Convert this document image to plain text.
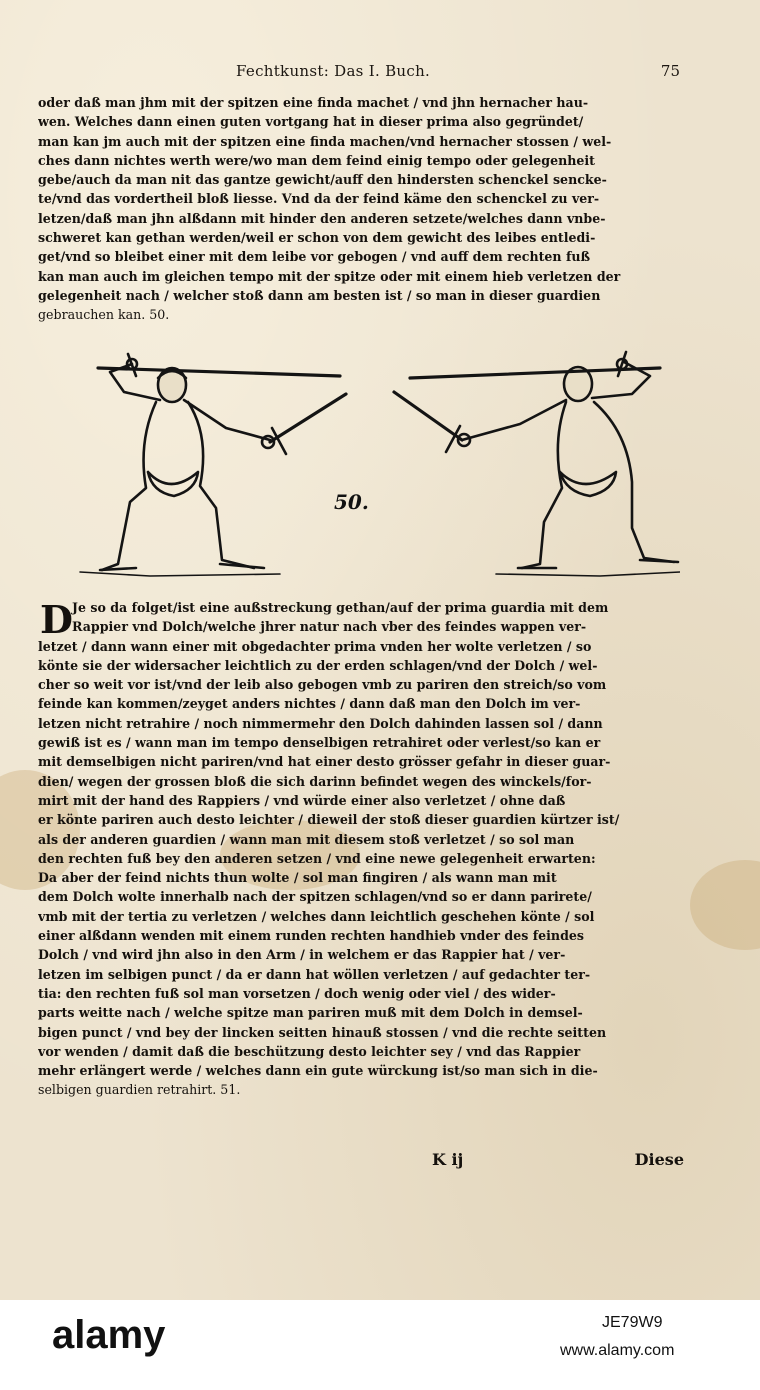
Fechtkunst: Das I. Buch.	75
oder daß man jhm mit der spitzen eine finda machet / vnd jhn hernacher hau-
wen. Welches dann einen guten vortgang hat in dieser prima also gegründet/
man kan jm auch mit der spitzen eine finda machen/vnd hernacher stossen / wel-
ches dann nichtes werth were/wo man dem feind einig tempo oder gelegenheit
gebe/auch da man nit das gantze gewicht/auff den hindersten schenckel sencke-
te/vnd das vordertheil bloß liesse. Vnd da der feind käme den schenckel zu ver-
letzen/daß man jhn alßdann mit hinder den anderen setzete/welches dann vnbe-
schweret kan gethan werden/weil er schon von dem gewicht des leibes entledi-
get/vnd so bleibet einer mit dem leibe vor gebogen / vnd auff dem rechten fuß
kan man auch im gleichen tempo mit der spitze oder mit einem hieb verletzen der
gelegenheit nach / welcher stoß dann am besten ist / so man in dieser guardien
gebrauchen kan. 50.
50.
D Je so da folget/ist eine außstreckung gethan/auf der prima guardia mit dem
Rappier vnd Dolch/welche jhrer natur nach vber des feindes wappen ver-
letzet / dann wann einer mit obgedachter prima vnden her wolte verletzen / so
könte sie der widersacher leichtlich zu der erden schlagen/vnd der Dolch / wel-
cher so weit vor ist/vnd der leib also gebogen vmb zu pariren den streich/so vom
feinde kan kommen/zeyget anders nichtes / dann daß man den Dolch im ver-
letzen nicht retrahire / noch nimmermehr den Dolch dahinden lassen sol / dann
gewiß ist es / wann man im tempo denselbigen retrahiret oder verlest/so kan er
mit demselbigen nicht pariren/vnd hat einer desto grösser gefahr in dieser guar-
dien/ wegen der grossen bloß die sich darinn befindet wegen des winckels/for-
mirt mit der hand des Rappiers / vnd würde einer also verletzet / ohne daß
er könte pariren auch desto leichter / dieweil der stoß dieser guardien kürtzer ist/
als der anderen guardien / wann man mit diesem stoß verletzet / so sol man
den rechten fuß bey den anderen setzen / vnd eine newe gelegenheit erwarten:
Da aber der feind nichts thun wolte / sol man fingiren / als wann man mit
dem Dolch wolte innerhalb nach der spitzen schlagen/vnd so er dann parirete/
vmb mit der tertia zu verletzen / welches dann leichtlich geschehen könte / sol
einer alßdann wenden mit einem runden rechten handhieb vnder des feindes
Dolch / vnd wird jhn also in den Arm / in welchem er das Rappier hat / ver-
letzen im selbigen punct / da er dann hat wöllen verletzen / auf gedachter ter-
tia: den rechten fuß sol man vorsetzen / doch wenig oder viel / des wider-
parts weitte nach / welche spitze man pariren muß mit dem Dolch in demsel-
bigen punct / vnd bey der lincken seitten hinauß stossen / vnd die rechte seitten
vor wenden / damit daß die beschützung desto leichter sey / vnd das Rappier
mehr erlängert werde / welches dann ein gute würckung ist/so man sich in die-
selbigen guardien retrahirt. 51.
K ij	Diese
alamy	JE79W9
www.alamy.com
